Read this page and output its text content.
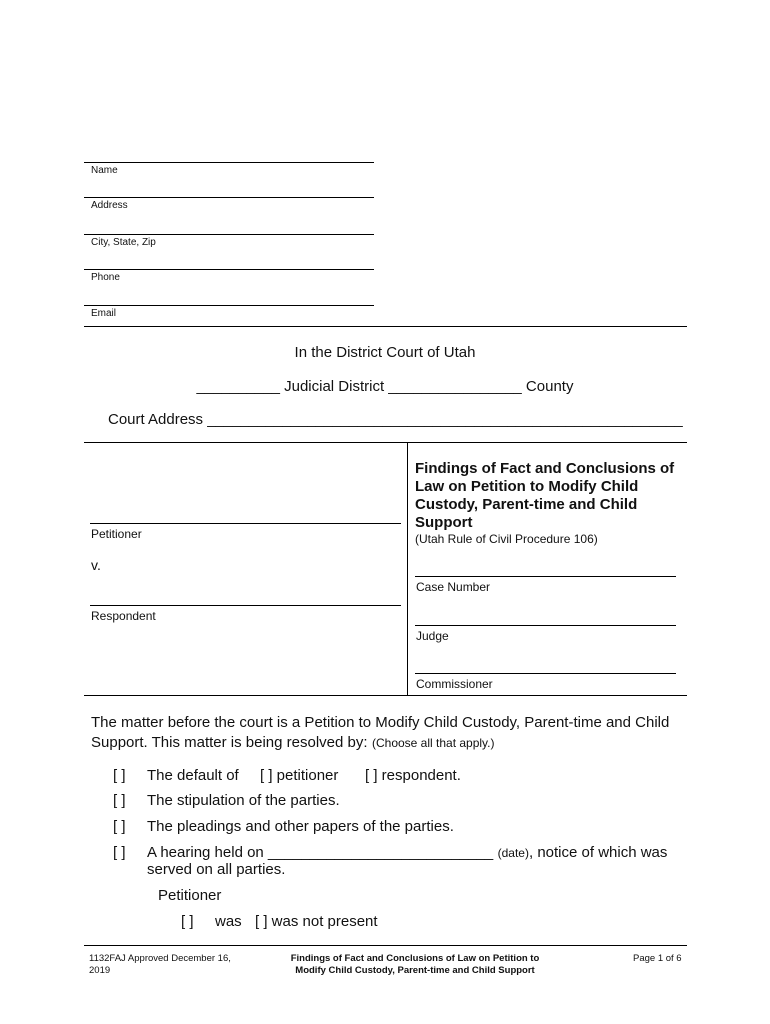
Name
Address
City, State, Zip
Phone
Email
In the District Court of Utah
__________ Judicial District ________________ County
Court Address _________________________________________________________
Petitioner
v.
Respondent
Findings of Fact and Conclusions of
Law on Petition to Modify Child
Custody, Parent-time and Child
Support
(Utah Rule of Civil Procedure 106)
Case Number
Judge
Commissioner
The matter before the court is a Petition to Modify Child Custody, Parent-time and Child
Support. This matter is being resolved by: (Choose all that apply.)
[ ] The default of [ ] petitioner [ ] respondent.
[ ] The stipulation of the parties.
[ ] The pleadings and other papers of the parties.
[ ] A hearing held on ___________________________ (date), notice of which was
served on all parties.
Petitioner
[ ] was [ ] was not present
1132FAJ Approved December 16,
2019
Findings of Fact and Conclusions of Law on Petition to
Modify Child Custody, Parent-time and Child Support
Page 1 of 6
